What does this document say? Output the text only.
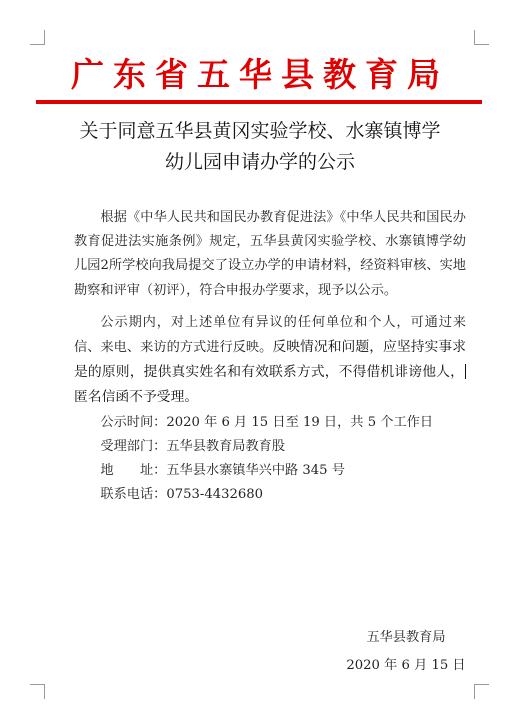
广东省五华县教育局
关于同意五华县黄冈实验学校、水寨镇博学
幼儿园申请办学的公示

根据《中华人民共和国民办教育促进法》《中华人民共和国民办教育促进法实施条例》规定，五华县黄冈实验学校、水寨镇博学幼儿园2所学校向我局提交了设立办学的申请材料，经资料审核、实地勘察和评审（初评），符合申报办学要求，现予以公示。

公示期内，对上述单位有异议的任何单位和个人，可通过来信、来电、来访的方式进行反映。反映情况和问题，应坚持实事求是的原则，提供真实姓名和有效联系方式，不得借机诽谤他人，匿名信函不予受理。

公示时间：2020 年 6 月 15 日至 19 日，共 5 个工作日

受理部门：五华县教育局教育股

地　　址：五华县水寨镇华兴中路 345 号

联系电话：0753-4432680

五华县教育局
2020 年 6 月 15 日
